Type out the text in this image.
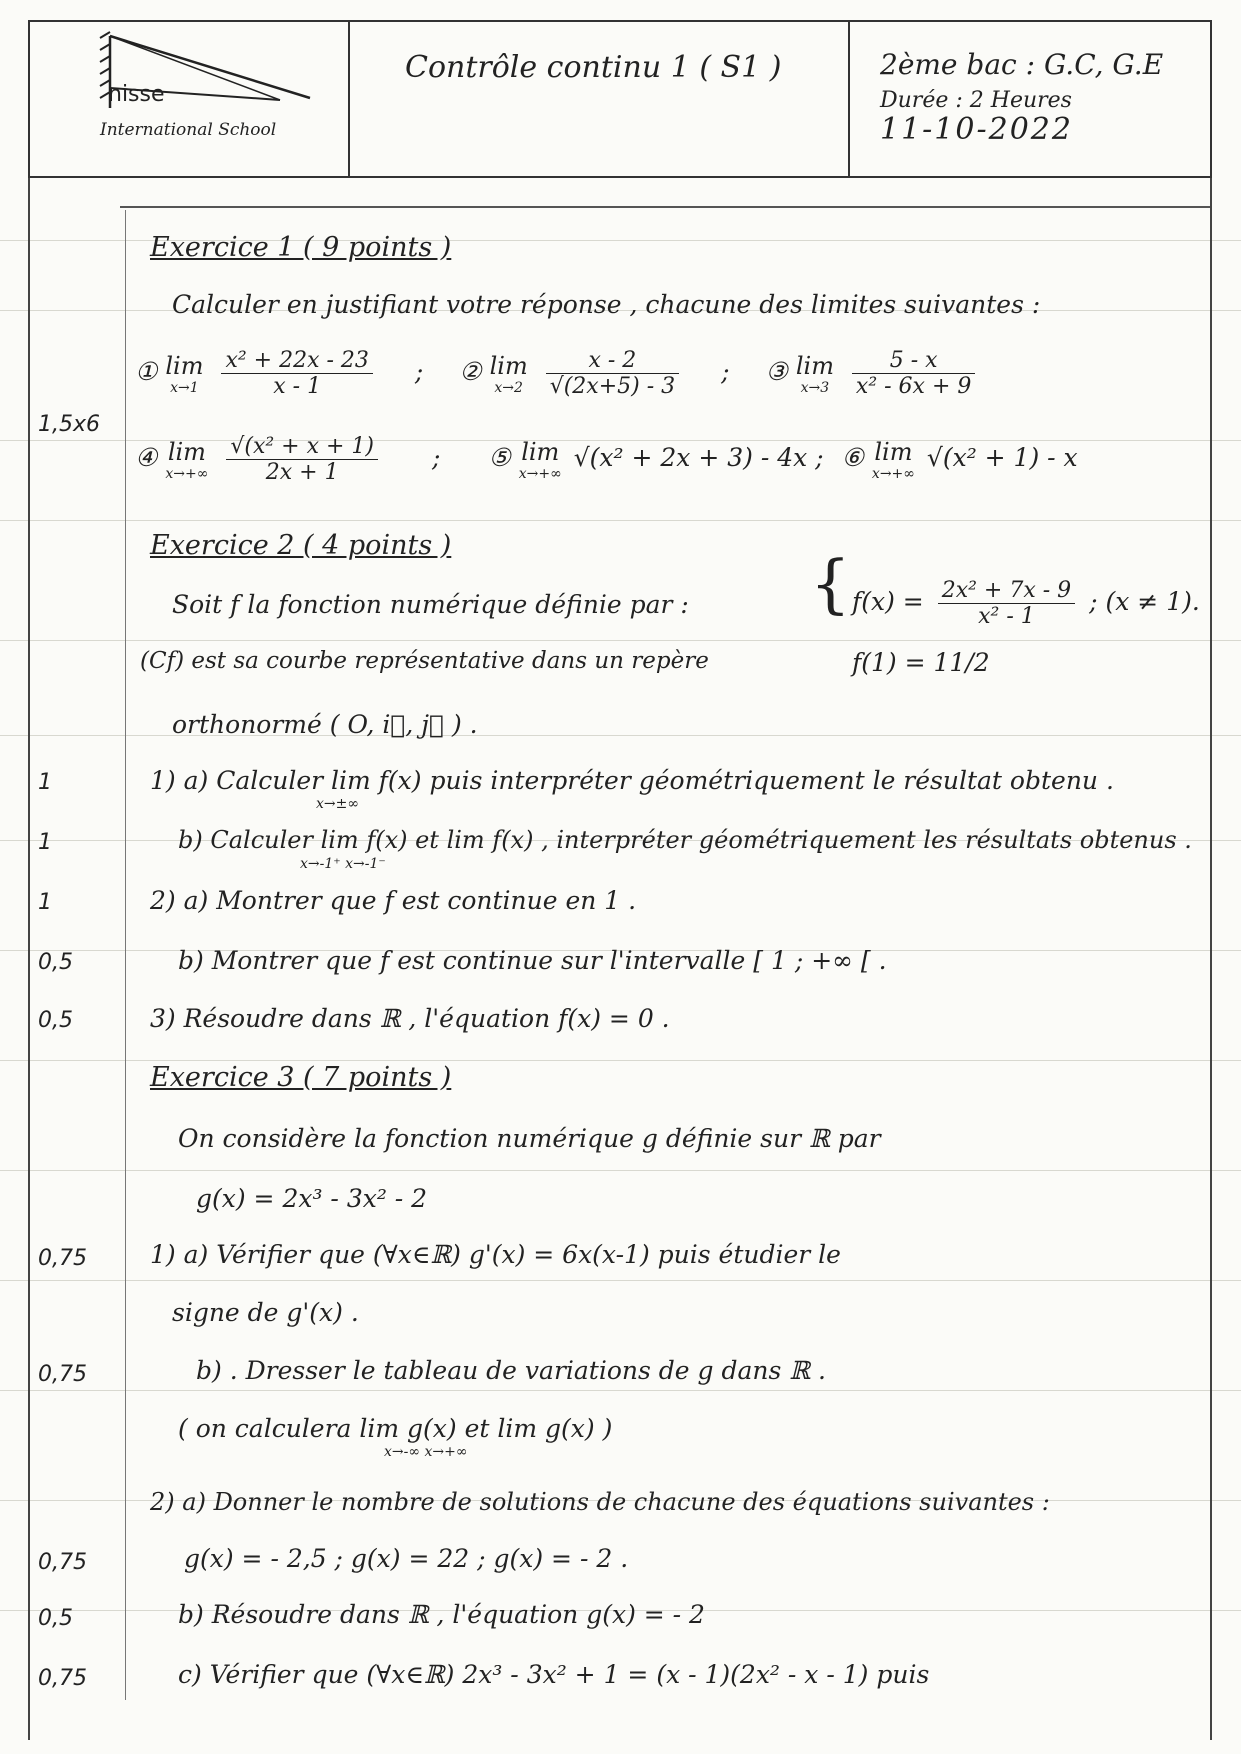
nisse
International School
Contrôle continu 1 ( S1 )	2ème bac : G.C, G.E
Durée : 2 Heures
11-10-2022
Exercice 1 ( 9 points )
Calculer en justifiant votre réponse , chacune des limites suivantes :
① lim
x→1
$\frac{\text{x² + 22x - 23}}{x - 1}$ ; ② lim
x→2
$\frac{x - 2}{√(2x+5) - 3}$ ; ③ lim
x→3
$\frac{5 - x}{\text{x² - 6x + 9}}$
1,5x6
④ lim
x→+∞
$\frac{\text{√(x² + x + 1)}}{2x + 1}$ ; ⑤ lim
x→+∞
√(x² + 2x + 3) - 4x ; ⑥ lim
x→+∞
√(x² + 1) - x
Exercice 2 ( 4 points )
Soit f la fonction numérique définie par : { $f(x) = \frac{\text{2x² + 7x - 9}}{\text{x² - 1}}$ ; (x ≠ 1).
f(1) = 11/2
(Cf) est sa courbe représentative dans un repère
orthonormé ( O, i⃗, j⃗ ) .
1	1) a) Calculer lim f(x) puis interpréter géométriquement le résultat obtenu .
x→±∞
1	b) Calculer lim f(x) et lim f(x) , interpréter géométriquement les résultats obtenus .
x→-1⁺ x→-1⁻
1	2) a) Montrer que f est continue en 1 .
0,5	b) Montrer que f est continue sur l'intervalle [ 1 ; +∞ [ .
0,5	3) Résoudre dans ℝ , l'équation f(x) = 0 .
Exercice 3 ( 7 points )
On considère la fonction numérique g définie sur ℝ par
g(x) = 2x³ - 3x² - 2
0,75	1) a) Vérifier que (∀x∈ℝ) g'(x) = 6x(x-1) puis étudier le
signe de g'(x) .
0,75	b) . Dresser le tableau de variations de g dans ℝ .
( on calculera lim g(x) et lim g(x) )
x→-∞ x→+∞
2) a) Donner le nombre de solutions de chacune des équations suivantes :
0,75	g(x) = - 2,5 ; g(x) = 22 ; g(x) = - 2 .
0,5	b) Résoudre dans ℝ , l'équation g(x) = - 2
0,75	c) Vérifier que (∀x∈ℝ) 2x³ - 3x² + 1 = (x - 1)(2x² - x - 1) puis
